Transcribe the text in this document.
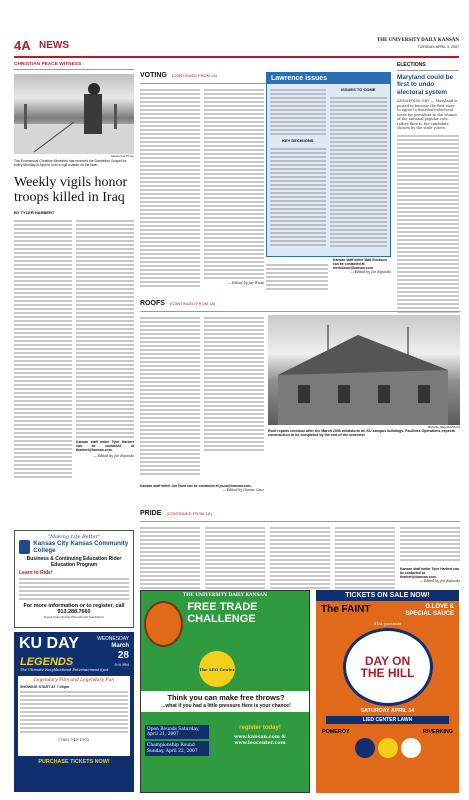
4A NEWS	THE UNIVERSITY DAILY KANSAN
TUESDAY, APRIL 3, 2007
CHRISTIAN PEACE WITNESS
Mackenzie Photo
The Ecumenical Christian Ministries has received the Dandelion Gospel for every Monday in April to hold a vigil outside on the lawn.
Weekly vigils honor troops killed in Iraq
BY TYLER HARBERT
Kansan staff writer Tyler Harbert can be contacted at tharbert@kansan.com.
— Edited by Joe Esposito
VOTING (CONTINUED FROM 1A)
— Edited by Jon Wiess
Lawrence issues
KEY DECISIONS
ISSUES TO COME
Kansan staff writer Matt Erickson can be contacted at merickson@kansan.com.
— Edited by Joe Esposito
ELECTIONS
Maryland could be first to undo electoral system
ANNAPOLIS, MD. — Maryland is poised to become the first state to agree to distribute electoral votes for president to the winner of the national popular vote, rather than to the candidate chosen by the state voters.
ROOFS (CONTINUED FROM 1A)
Michelle Tatge/KANSAN
Roof repairs continue after the March 2006 windstorm on KU campus buildings. Facilities Operations expects construction to be completed by the end of the semester.
Kansan staff writer Joe Hunt can be contacted at jhunt@kansan.com.
— Edited by Gaurav Gaur
PRIDE (CONTINUED FROM 1A)
Kansan staff writer Tyler Harbert can be contacted at tharbert@kansan.com.
— Edited by Joe Esposito
"Making Life Better"
Kansas City Kansas Community College
Business & Continuing Education Rider Education Program
Learn to Ride!
For more information or to register, call 913.288.7660
Equal Opportunity Educational Institution
KU DAY	WEDNESDAY
March
28
5-8 PM
LEGENDS
The Ultimate Neighborhood Entertainment Spot
Legendary Film and Legendary Fun
SHOWING START AT 7:30pm
(785) 749-1972
PURCHASE TICKETS NOW!
THE UNIVERSITY DAILY KANSAN
FREE TRADE CHALLENGE
The LEO Center
Think you can make free throws?
...what if you had a little pressure Here is your chance!
Open Rounds Saturday, April 21, 2007
Championship Round Sunday, April 22, 2007
register today!
www.kansan.com & www.leocenter.com
TICKETS ON SALE NOW!
The FAINT	G.LOVE & SPECIAL SAUCE
SUA presents
DAY ON THE HILL
SATURDAY APRIL 14
LIED CENTER LAWN
POMEROY	RIVERKING
